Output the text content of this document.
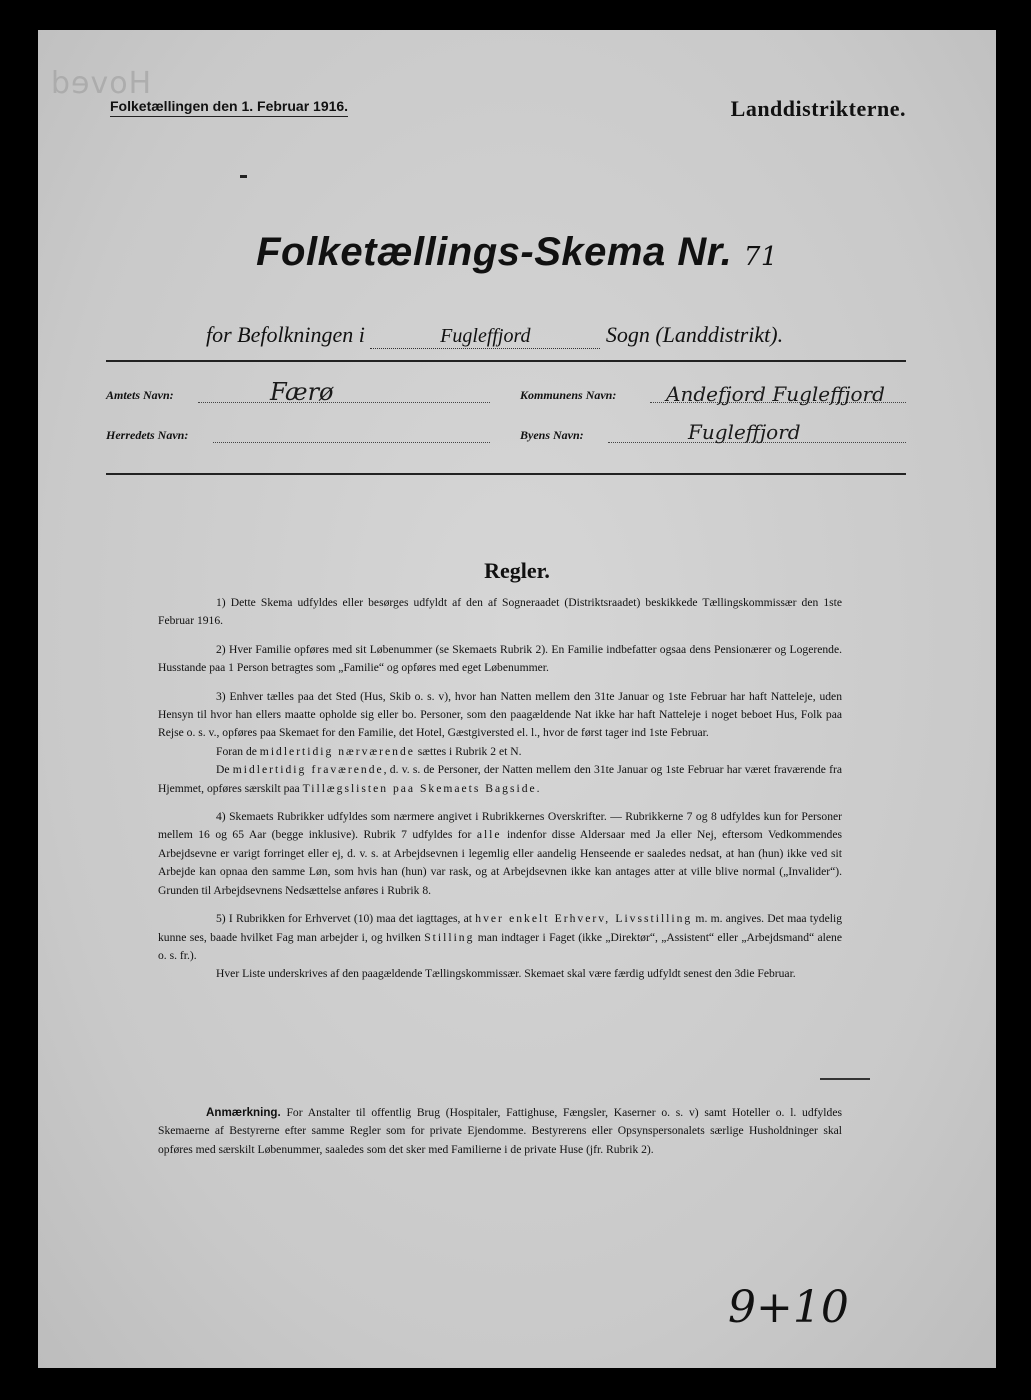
Hoved
Folketællingen den 1. Februar 1916.	Landdistrikterne.
Folketællings-Skema Nr. 71
for Befolkningen i	Fugleffjord	Sogn (Landdistrikt).
Amtets Navn:	Færø	Kommunens Navn: Andefjord Fugleffjord
Herredets Navn:	Byens Navn:	Fugleffjord
Regler.

1) Dette Skema udfyldes eller besørges udfyldt af den af Sogneraadet (Distriktsraadet) beskikkede Tællingskommissær den 1ste Februar 1916.

2) Hver Familie opføres med sit Løbenummer (se Skemaets Rubrik 2). En Familie indbefatter ogsaa dens Pensionærer og Logerende. Husstande paa 1 Person betragtes som „Familie“ og opføres med eget Løbenummer.

3) Enhver tælles paa det Sted (Hus, Skib o. s. v), hvor han Natten mellem den 31te Januar og 1ste Februar har haft Natteleje, uden Hensyn til hvor han ellers maatte opholde sig eller bo. Personer, som den paagældende Nat ikke har haft Natteleje i noget beboet Hus, Folk paa Rejse o. s. v., opføres paa Skemaet for den Familie, det Hotel, Gæstgiversted el. l., hvor de først tager ind 1ste Februar.

Foran de midlertidig nærværende sættes i Rubrik 2 et N.

De midlertidig fraværende, d. v. s. de Personer, der Natten mellem den 31te Januar og 1ste Februar har været fraværende fra Hjemmet, opføres særskilt paa Tillægslisten paa Skemaets Bagside.

4) Skemaets Rubrikker udfyldes som nærmere angivet i Rubrikkernes Overskrifter. — Rubrikkerne 7 og 8 udfyldes kun for Personer mellem 16 og 65 Aar (begge inklusive). Rubrik 7 udfyldes for alle indenfor disse Aldersaar med Ja eller Nej, eftersom Vedkommendes Arbejdsevne er varigt forringet eller ej, d. v. s. at Arbejdsevnen i legemlig eller aandelig Henseende er saaledes nedsat, at han (hun) ikke ved sit Arbejde kan opnaa den samme Løn, som hvis han (hun) var rask, og at Arbejdsevnen ikke kan antages atter at ville blive normal („Invalider“). Grunden til Arbejdsevnens Nedsættelse anføres i Rubrik 8.

5) I Rubrikken for Erhvervet (10) maa det iagttages, at hver enkelt Erhverv, Livsstilling m. m. angives. Det maa tydelig kunne ses, baade hvilket Fag man arbejder i, og hvilken Stilling man indtager i Faget (ikke „Direktør“, „Assistent“ eller „Arbejdsmand“ alene o. s. fr.).

Hver Liste underskrives af den paagældende Tællingskommissær. Skemaet skal være færdig udfyldt senest den 3die Februar.

Anmærkning. For Anstalter til offentlig Brug (Hospitaler, Fattighuse, Fængsler, Kaserner o. s. v) samt Hoteller o. l. udfyldes Skemaerne af Bestyrerne efter samme Regler som for private Ejendomme. Bestyrerens eller Opsynspersonalets særlige Husholdninger skal opføres med særskilt Løbenummer, saaledes som det sker med Familierne i de private Huse (jfr. Rubrik 2).

9+10
